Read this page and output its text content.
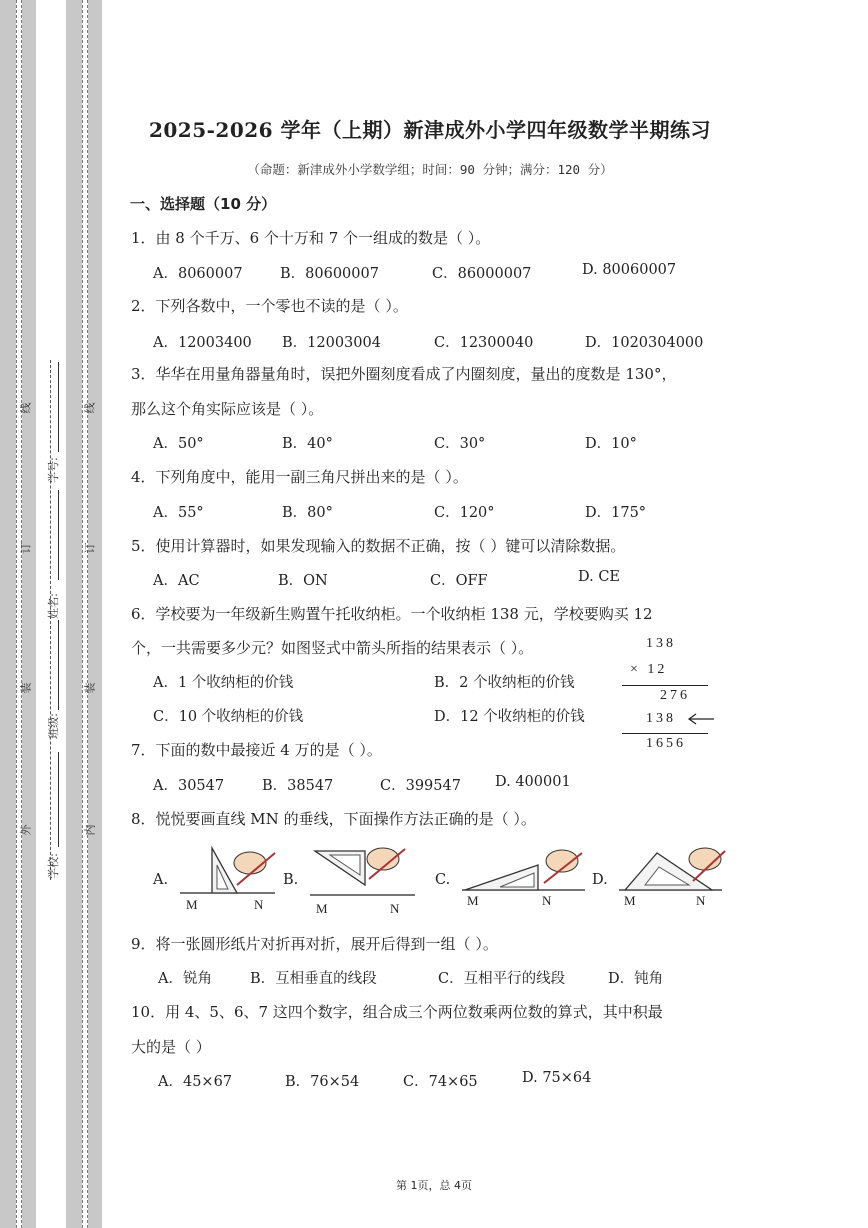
线
订
装
外
线
订
装
内
学号:
姓名:
班级:
学校:
2025-2026 学年（上期）新津成外小学四年级数学半期练习
（命题：新津成外小学数学组；时间：90 分钟；满分：120 分）
一、选择题（10 分）
1．由 8 个千万、6 个十万和 7 个一组成的数是（ ）。
A．8060007	B．80600007	C．86000007	D. 80060007
2．下列各数中，一个零也不读的是（ ）。
A．12003400 B．12003004	C．12300040	D．1020304000
3．华华在用量角器量角时，误把外圈刻度看成了内圈刻度，量出的度数是 130°，
那么这个角实际应该是（ ）。
A．50°	B．40°	C．30°	D．10°
4．下列角度中，能用一副三角尺拼出来的是（ ）。
A．55°	B．80°	C．120°	D．175°
5．使用计算器时，如果发现输入的数据不正确，按（ ）键可以清除数据。
A．AC	B．ON	C．OFF	D. CE
6．学校要为一年级新生购置午托收纳柜。一个收纳柜 138 元，学校要购买 12
个，一共需要多少元？如图竖式中箭头所指的结果表示（ ）。
A．1 个收纳柜的价钱	B．2 个收纳柜的价钱
C．10 个收纳柜的价钱	D．12 个收纳柜的价钱
138
× 12
276
138
1656
7．下面的数中最接近 4 万的是（ ）。
A．30547	B．38547	C．399547 D. 400001
8．悦悦要画直线 MN 的垂线，下面操作方法正确的是（ ）。
A.
M	N
B.
M	N
C.
M	N
D.
M	N
9．将一张圆形纸片对折再对折，展开后得到一组（ ）。
A．锐角	B．互相垂直的线段	C．互相平行的线段	D．钝角
10．用 4、5、6、7 这四个数字，组合成三个两位数乘两位数的算式，其中积最
大的是（ ）
A．45×67	B．76×54	C．74×65	D. 75×64
第 1页，总 4页
